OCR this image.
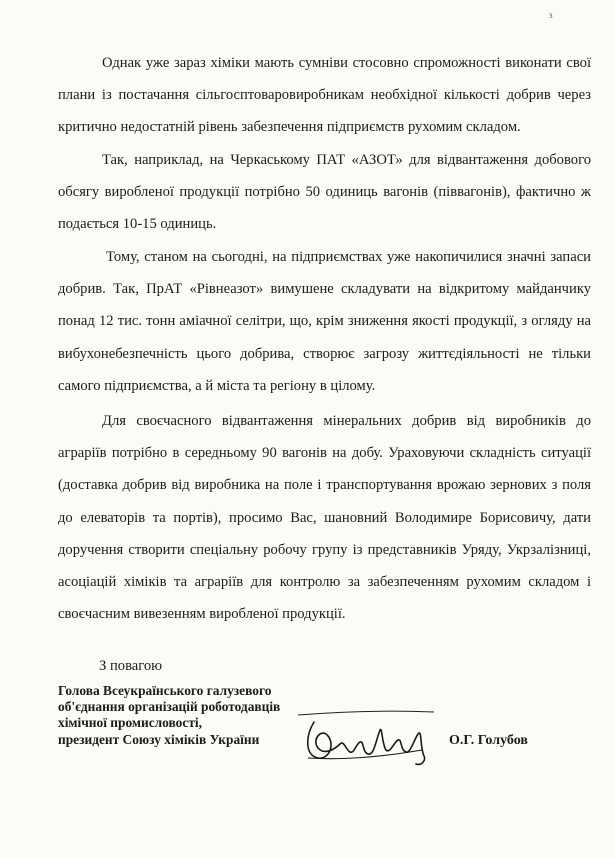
з

Однак уже зараз хіміки мають сумніви стосовно спроможності виконати свої плани із постачання сільгосптоваровиробникам необхідної кількості добрив через критично недостатній рівень забезпечення підприємств рухомим складом.

Так, наприклад, на Черкаському ПАТ «АЗОТ» для відвантаження добового обсягу виробленої продукції потрібно 50 одиниць вагонів (піввагонів), фактично ж подається 10-15 одиниць.

Тому, станом на сьогодні, на підприємствах уже накопичилися значні запаси добрив. Так, ПрАТ «Рівнеазот» вимушене складувати на відкритому майданчику понад 12 тис. тонн аміачної селітри, що, крім зниження якості продукції, з огляду на вибухонебезпечність цього добрива, створює загрозу життєдіяльності не тільки самого підприємства, а й міста та регіону в цілому.

Для своєчасного відвантаження мінеральних добрив від виробників до аграріїв потрібно в середньому 90 вагонів на добу. Ураховуючи складність ситуації (доставка добрив від виробника на поле і транспортування врожаю зернових з поля до елеваторів та портів), просимо Вас, шановний Володимире Борисовичу, дати доручення створити спеціальну робочу групу із представників Уряду, Укрзалізниці, асоціацій хіміків та аграріїв для контролю за забезпеченням рухомим складом і своєчасним вивезенням виробленої продукції.

З повагою

Голова Всеукраїнського галузевого
об'єднання організацій роботодавців
хімічної промисловості,
президент Союзу хіміків України	О.Г. Голубов
